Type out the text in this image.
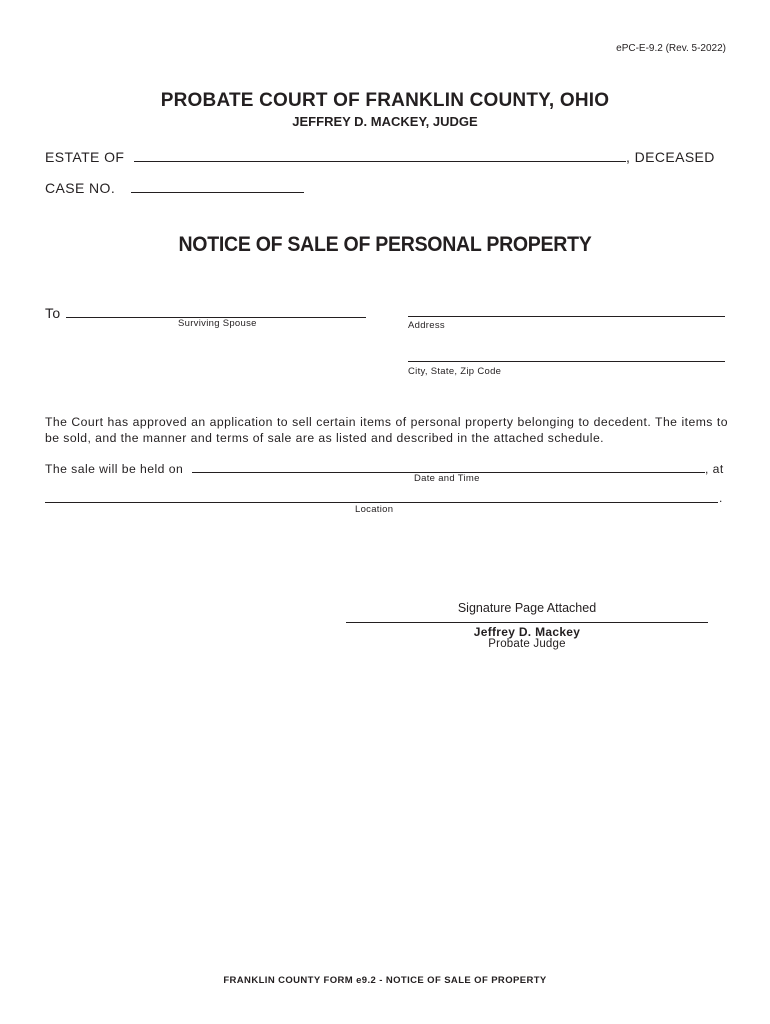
ePC-E-9.2 (Rev. 5-2022)
PROBATE COURT OF FRANKLIN COUNTY, OHIO
JEFFREY D. MACKEY, JUDGE
ESTATE OF	, DECEASED
CASE NO.
NOTICE OF SALE OF PERSONAL PROPERTY
To
Surviving Spouse	Address
City, State, Zip Code
The Court has approved an application to sell certain items of personal property belonging to decedent. The items to be sold, and the manner and terms of sale are as listed and described in the attached schedule.
The sale will be held on	, at
Date and Time
.
Location
Signature Page Attached
Jeffrey D. Mackey
Probate Judge
FRANKLIN COUNTY FORM e9.2 - NOTICE OF SALE OF PROPERTY
